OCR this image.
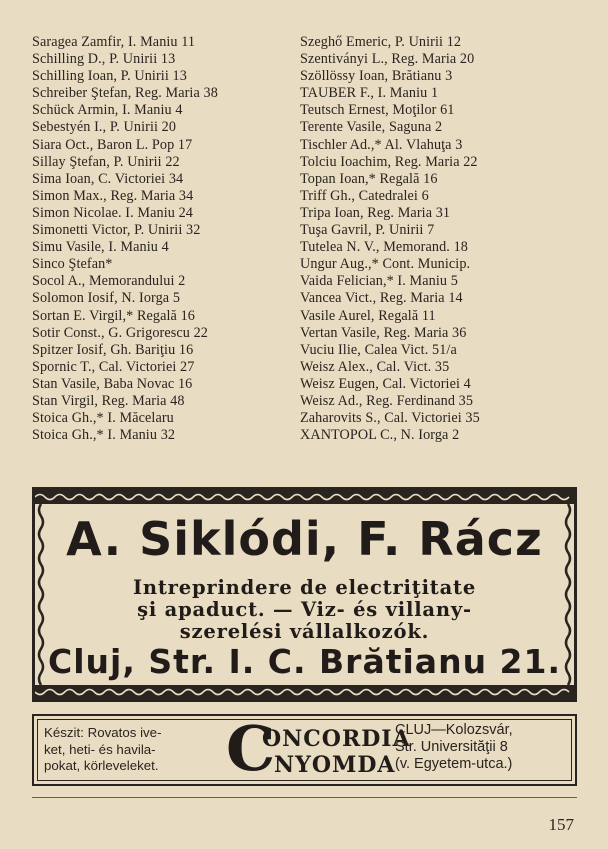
Saragea Zamfir, I. Maniu 11
Schilling D., P. Unirii 13
Schilling Ioan, P. Unirii 13
Schreiber Ştefan, Reg. Maria 38
Schück Armin, I. Maniu 4
Sebestyén I., P. Unirii 20
Siara Oct., Baron L. Pop 17
Sillay Ştefan, P. Unirii 22
Sima Ioan, C. Victoriei 34
Simon Max., Reg. Maria 34
Simon Nicolae. I. Maniu 24
Simonetti Victor, P. Unirii 32
Simu Vasile, I. Maniu 4
Sinco Ştefan*
Socol A., Memorandului 2
Solomon Iosif, N. Iorga 5
Sortan E. Virgil,* Regală 16
Sotir Const., G. Grigorescu 22
Spitzer Iosif, Gh. Bariţiu 16
Spornic T., Cal. Victoriei 27
Stan Vasile, Baba Novac 16
Stan Virgil, Reg. Maria 48
Stoica Gh.,* I. Măcelaru
Stoica Gh.,* I. Maniu 32
Szeghő Emeric, P. Unirii 12
Szentiványi L., Reg. Maria 20
Szöllössy Ioan, Brătianu 3
TAUBER F., I. Maniu 1
Teutsch Ernest, Moţilor 61
Terente Vasile, Saguna 2
Tischler Ad.,* Al. Vlahuţa 3
Tolciu Ioachim, Reg. Maria 22
Topan Ioan,* Regală 16
Triff Gh., Catedralei 6
Tripa Ioan, Reg. Maria 31
Tuşa Gavril, P. Unirii 7
Tutelea N. V., Memorand. 18
Ungur Aug.,* Cont. Municip.
Vaida Felician,* I. Maniu 5
Vancea Vict., Reg. Maria 14
Vasile Aurel, Regală 11
Vertan Vasile, Reg. Maria 36
Vuciu Ilie, Calea Vict. 51/a
Weisz Alex., Cal. Vict. 35
Weisz Eugen, Cal. Victoriei 4
Weisz Ad., Reg. Ferdinand 35
Zaharovits S., Cal. Victoriei 35
XANTOPOL C., N. Iorga 2
A. Siklódi, F. Rácz
Intreprindere de electriţitate
şi apaduct. — Viz- és villany-
szerelési vállalkozók.
Cluj, Str. I. C. Brătianu 21.
Készit: Rovatos ive-
ket, heti- és havila-
pokat, körleveleket.	C
ONCORDIA
NYOMDA
CLUJ—Kolozsvár,
Str. Universităţii 8
(v. Egyetem-utca.)
157
